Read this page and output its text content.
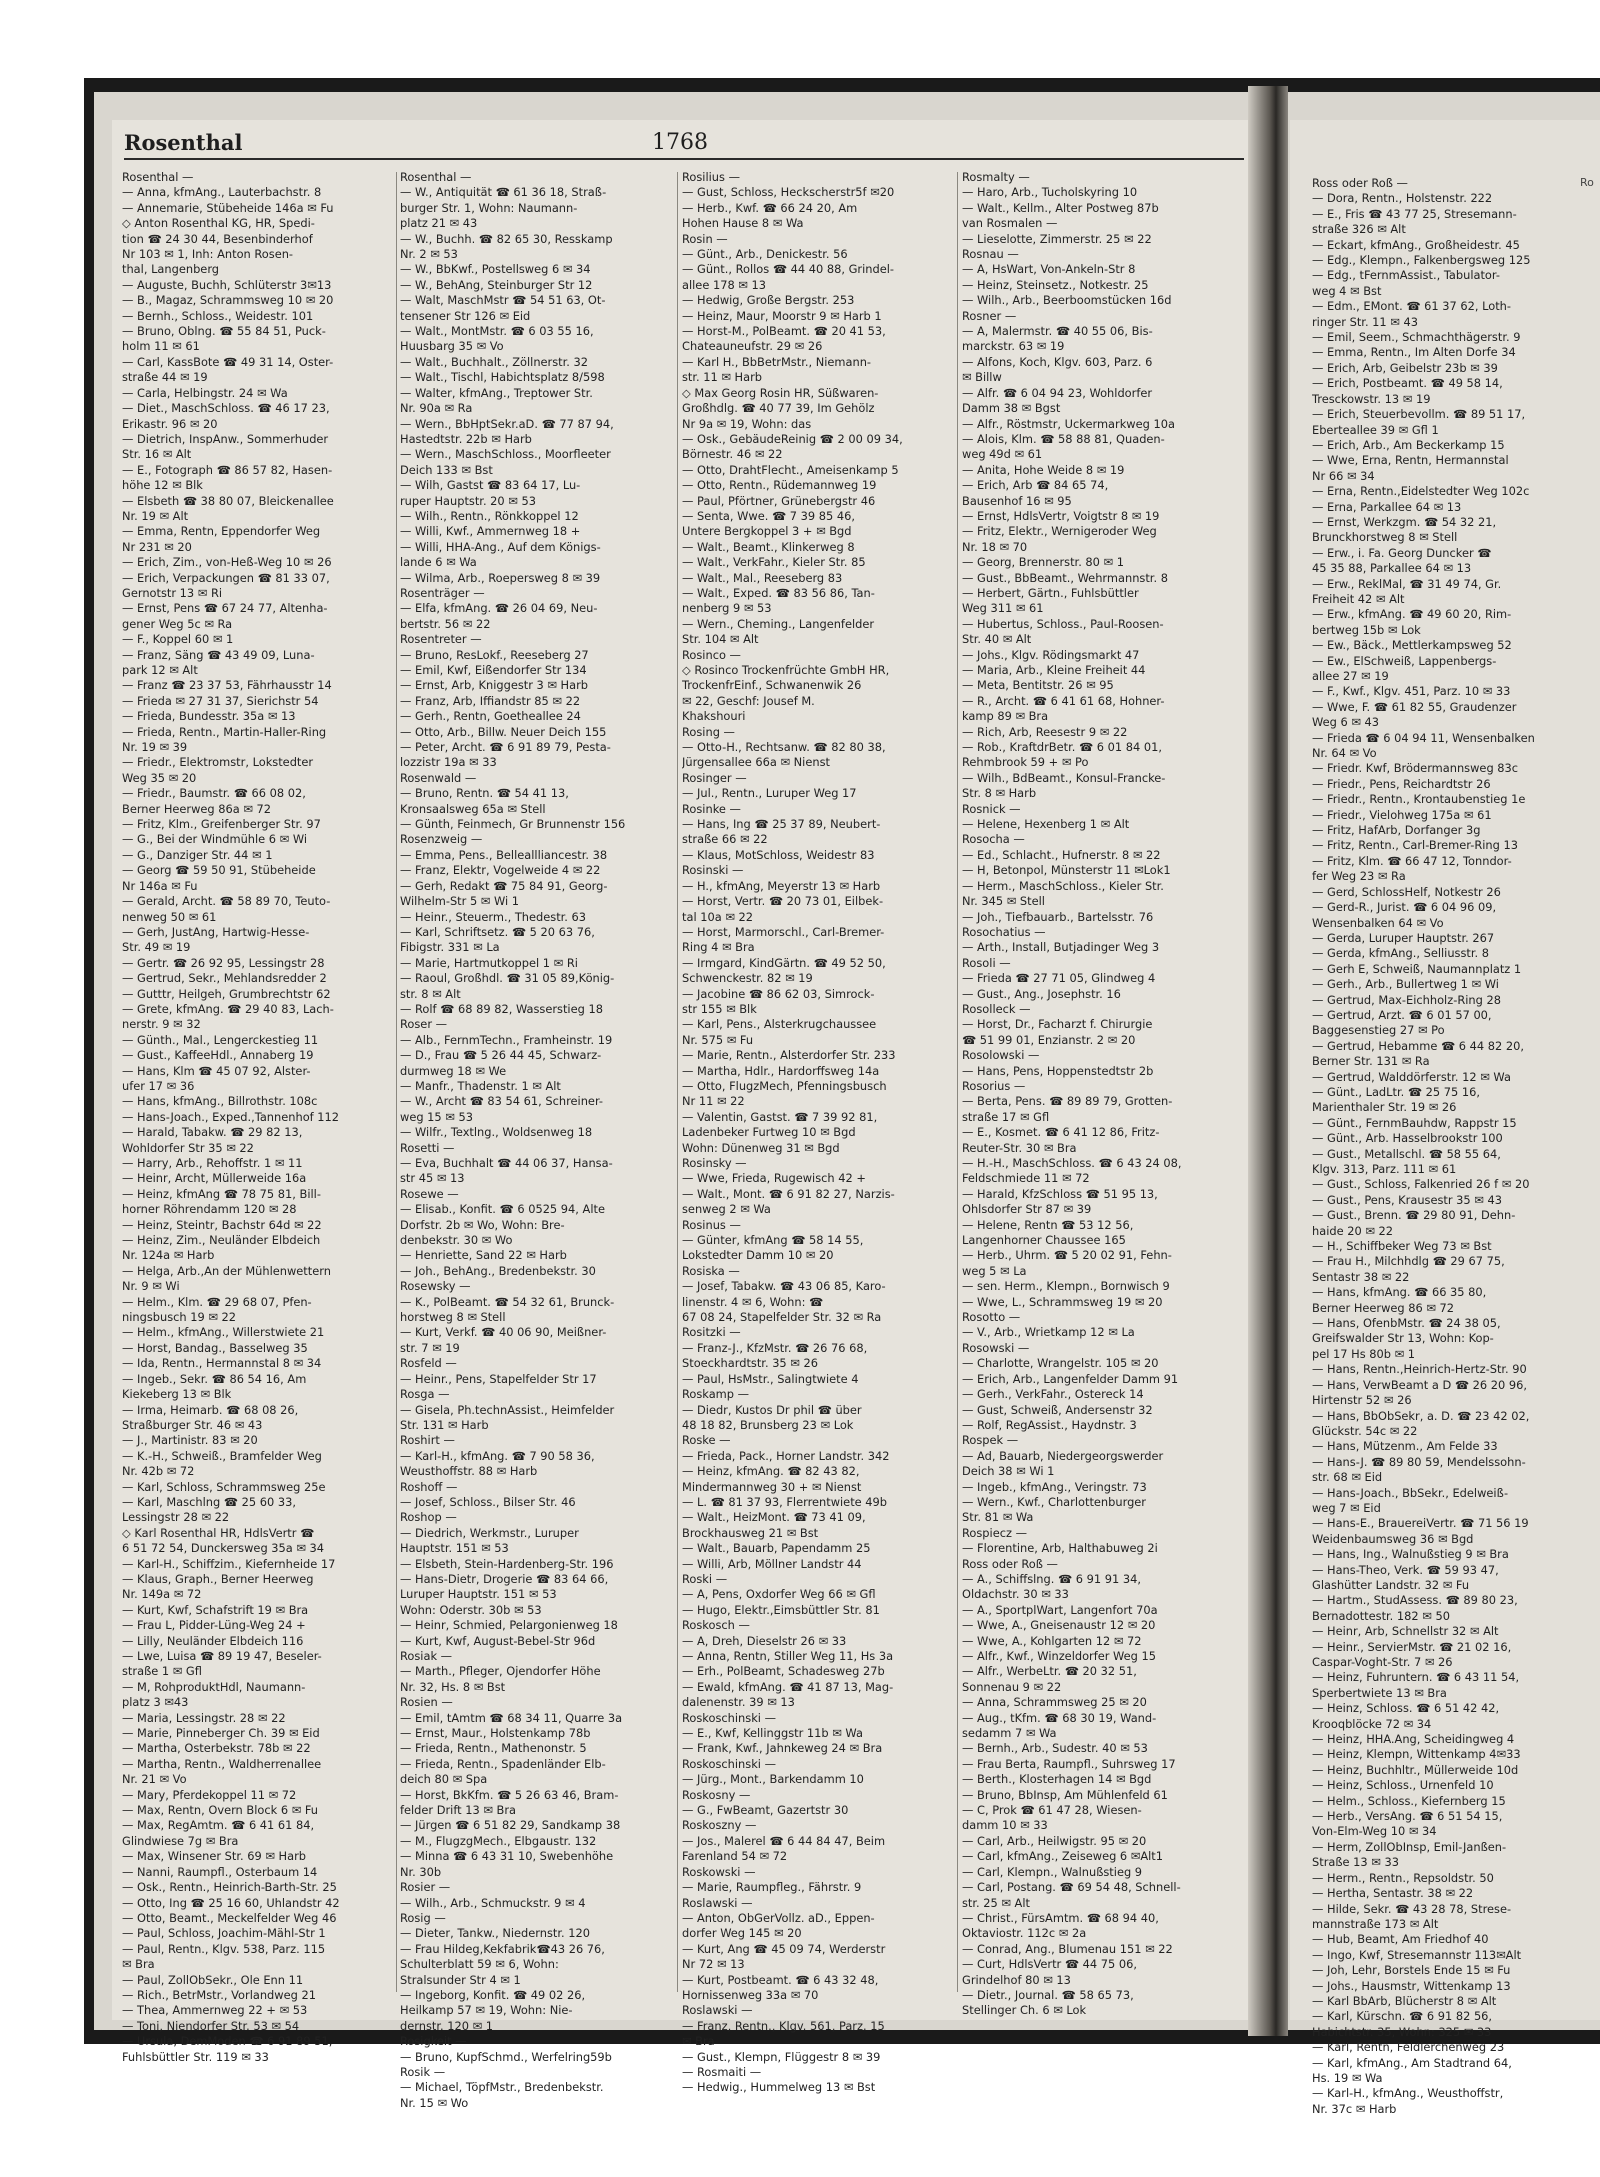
Rosenthal	1768
Rosenthal —
— Anna, kfmAng., Lauterbachstr. 8
— Annemarie, Stübeheide 146a ✉ Fu
◇ Anton Rosenthal KG, HR, Spedi-
tion ☎ 24 30 44, Besenbinderhof
Nr 103 ✉ 1, Inh: Anton Rosen-
thal, Langenberg
— Auguste, Buchh, Schlüterstr 3✉13
— B., Magaz, Schrammsweg 10 ✉ 20
— Bernh., Schloss., Weidestr. 101
— Bruno, Oblng. ☎ 55 84 51, Puck-
holm 11 ✉ 61
— Carl, KassBote ☎ 49 31 14, Oster-
straße 44 ✉ 19
— Carla, Helbingstr. 24 ✉ Wa
— Diet., MaschSchloss. ☎ 46 17 23,
Erikastr. 96 ✉ 20
— Dietrich, InspAnw., Sommerhuder
Str. 16 ✉ Alt
— E., Fotograph ☎ 86 57 82, Hasen-
höhe 12 ✉ Blk
— Elsbeth ☎ 38 80 07, Bleickenallee
Nr. 19 ✉ Alt
— Emma, Rentn, Eppendorfer Weg
Nr 231 ✉ 20
— Erich, Zim., von-Heß-Weg 10 ✉ 26
— Erich, Verpackungen ☎ 81 33 07,
Gernotstr 13 ✉ Ri
— Ernst, Pens ☎ 67 24 77, Altenha-
gener Weg 5c ✉ Ra
— F., Koppel 60 ✉ 1
— Franz, Säng ☎ 43 49 09, Luna-
park 12 ✉ Alt
— Franz ☎ 23 37 53, Fährhausstr 14
— Frieda ✉ 27 31 37, Sierichstr 54
— Frieda, Bundesstr. 35a ✉ 13
— Frieda, Rentn., Martin-Haller-Ring
Nr. 19 ✉ 39
— Friedr., Elektromstr, Lokstedter
Weg 35 ✉ 20
— Friedr., Baumstr. ☎ 66 08 02,
Berner Heerweg 86a ✉ 72
— Fritz, Klm., Greifenberger Str. 97
— G., Bei der Windmühle 6 ✉ Wi
— G., Danziger Str. 44 ✉ 1
— Georg ☎ 59 50 91, Stübeheide
Nr 146a ✉ Fu
— Gerald, Archt. ☎ 58 89 70, Teuto-
nenweg 50 ✉ 61
— Gerh, JustAng, Hartwig-Hesse-
Str. 49 ✉ 19
— Gertr. ☎ 26 92 95, Lessingstr 28
— Gertrud, Sekr., Mehlandsredder 2
— Gutttr, Heilgeh, Grumbrechtstr 62
— Grete, kfmAng. ☎ 29 40 83, Lach-
nerstr. 9 ✉ 32
— Günth., Mal., Lengerckestieg 11
— Gust., KaffeeHdl., Annaberg 19
— Hans, Klm ☎ 45 07 92, Alster-
ufer 17 ✉ 36
— Hans, kfmAng., Billrothstr. 108c
— Hans-Joach., Exped.,Tannenhof 112
— Harald, Tabakw. ☎ 29 82 13,
Wohldorfer Str 35 ✉ 22
— Harry, Arb., Rehoffstr. 1 ✉ 11
— Heinr, Archt, Müllerweide 16a
— Heinz, kfmAng ☎ 78 75 81, Bill-
horner Röhrendamm 120 ✉ 28
— Heinz, Steintr, Bachstr 64d ✉ 22
— Heinz, Zim., Neuländer Elbdeich
Nr. 124a ✉ Harb
— Helga, Arb.,An der Mühlenwettern
Nr. 9 ✉ Wi
— Helm., Klm. ☎ 29 68 07, Pfen-
ningsbusch 19 ✉ 22
— Helm., kfmAng., Willerstwiete 21
— Horst, Bandag., Basselweg 35
— Ida, Rentn., Hermannstal 8 ✉ 34
— Ingeb., Sekr. ☎ 86 54 16, Am
Kiekeberg 13 ✉ Blk
— Irma, Heimarb. ☎ 68 08 26,
Straßburger Str. 46 ✉ 43
— J., Martinistr. 83 ✉ 20
— K.-H., Schweiß., Bramfelder Weg
Nr. 42b ✉ 72
— Karl, Schloss, Schrammsweg 25e
— Karl, Maschlng ☎ 25 60 33,
Lessingstr 28 ✉ 22
◇ Karl Rosenthal HR, HdlsVertr ☎
6 51 72 54, Dunckersweg 35a ✉ 34
— Karl-H., Schiffzim., Kiefernheide 17
— Klaus, Graph., Berner Heerweg
Nr. 149a ✉ 72
— Kurt, Kwf, Schafstrift 19 ✉ Bra
— Frau L, Pidder-Lüng-Weg 24 +
— Lilly, Neuländer Elbdeich 116
— Lwe, Luisa ☎ 89 19 47, Beseler-
straße 1 ✉ Gfl
— M, RohproduktHdl, Naumann-
platz 3 ✉43
— Maria, Lessingstr. 28 ✉ 22
— Marie, Pinneberger Ch. 39 ✉ Eid
— Martha, Osterbekstr. 78b ✉ 22
— Martha, Rentn., Waldherrenallee
Nr. 21 ✉ Vo
— Mary, Pferdekoppel 11 ✉ 72
— Max, Rentn, Overn Block 6 ✉ Fu
— Max, RegAmtm. ☎ 6 41 61 84,
Glindwiese 7g ✉ Bra
— Max, Winsener Str. 69 ✉ Harb
— Nanni, Raumpfl., Osterbaum 14
— Osk., Rentn., Heinrich-Barth-Str. 25
— Otto, Ing ☎ 25 16 60, Uhlandstr 42
— Otto, Beamt., Meckelfelder Weg 46
— Paul, Schloss, Joachim-Mähl-Str 1
— Paul, Rentn., Klgv. 538, Parz. 115
✉ Bra
— Paul, ZollObSekr., Ole Enn 11
— Rich., BetrMstr., Vorlandweg 21
— Thea, Ammernweg 22 + ✉ 53
— Toni, Niendorfer Str. 53 ✉ 54
— Ursula, DemModen ☎ 6 91 89 51,
Fuhlsbüttler Str. 119 ✉ 33
Rosenthal —
— W., Antiquität ☎ 61 36 18, Straß-
burger Str. 1, Wohn: Naumann-
platz 21 ✉ 43
— W., Buchh. ☎ 82 65 30, Resskamp
Nr. 2 ✉ 53
— W., BbKwf., Postellsweg 6 ✉ 34
— W., BehAng, Steinburger Str 12
— Walt, MaschMstr ☎ 54 51 63, Ot-
tensener Str 126 ✉ Eid
— Walt., MontMstr. ☎ 6 03 55 16,
Huusbarg 35 ✉ Vo
— Walt., Buchhalt., Zöllnerstr. 32
— Walt., Tischl, Habichtsplatz 8/598
— Walter, kfmAng., Treptower Str.
Nr. 90a ✉ Ra
— Wern., BbHptSekr.aD. ☎ 77 87 94,
Hastedtstr. 22b ✉ Harb
— Wern., MaschSchloss., Moorfleeter
Deich 133 ✉ Bst
— Wilh, Gastst ☎ 83 64 17, Lu-
ruper Hauptstr. 20 ✉ 53
— Wilh., Rentn., Rönkkoppel 12
— Willi, Kwf., Ammernweg 18 +
— Willi, HHA-Ang., Auf dem Königs-
lande 6 ✉ Wa
— Wilma, Arb., Roepersweg 8 ✉ 39
Rosenträger —
— Elfa, kfmAng. ☎ 26 04 69, Neu-
bertstr. 56 ✉ 22
Rosentreter —
— Bruno, ResLokf., Reeseberg 27
— Emil, Kwf, Eißendorfer Str 134
— Ernst, Arb, Kniggestr 3 ✉ Harb
— Franz, Arb, Iffiandstr 85 ✉ 22
— Gerh., Rentn, Goetheallee 24
— Otto, Arb., Billw. Neuer Deich 155
— Peter, Archt. ☎ 6 91 89 79, Pesta-
lozzistr 19a ✉ 33
Rosenwald —
— Bruno, Rentn. ☎ 54 41 13,
Kronsaalsweg 65a ✉ Stell
— Günth, Feinmech, Gr Brunnenstr 156
Rosenzweig —
— Emma, Pens., Belleallliancestr. 38
— Franz, Elektr, Vogelweide 4 ✉ 22
— Gerh, Redakt ☎ 75 84 91, Georg-
Wilhelm-Str 5 ✉ Wi 1
— Heinr., Steuerm., Thedestr. 63
— Karl, Schriftsetz. ☎ 5 20 63 76,
Fibigstr. 331 ✉ La
— Marie, Hartmutkoppel 1 ✉ Ri
— Raoul, Großhdl. ☎ 31 05 89,König-
str. 8 ✉ Alt
— Rolf ☎ 68 89 82, Wasserstieg 18
Roser —
— Alb., FernmTechn., Framheinstr. 19
— D., Frau ☎ 5 26 44 45, Schwarz-
durmweg 18 ✉ We
— Manfr., Thadenstr. 1 ✉ Alt
— W., Archt ☎ 83 54 61, Schreiner-
weg 15 ✉ 53
— Wilfr., Textlng., Woldsenweg 18
Rosetti —
— Eva, Buchhalt ☎ 44 06 37, Hansa-
str 45 ✉ 13
Rosewe —
— Elisab., Konfit. ☎ 6 0525 94, Alte
Dorfstr. 2b ✉ Wo, Wohn: Bre-
denbekstr. 30 ✉ Wo
— Henriette, Sand 22 ✉ Harb
— Joh., BehAng., Bredenbekstr. 30
Rosewsky —
— K., PolBeamt. ☎ 54 32 61, Brunck-
horstweg 8 ✉ Stell
— Kurt, Verkf. ☎ 40 06 90, Meißner-
str. 7 ✉ 19
Rosfeld —
— Heinr., Pens, Stapelfelder Str 17
Rosga —
— Gisela, Ph.technAssist., Heimfelder
Str. 131 ✉ Harb
Roshirt —
— Karl-H., kfmAng. ☎ 7 90 58 36,
Weusthoffstr. 88 ✉ Harb
Roshoff —
— Josef, Schloss., Bilser Str. 46
Roshop —
— Diedrich, Werkmstr., Luruper
Hauptstr. 151 ✉ 53
— Elsbeth, Stein-Hardenberg-Str. 196
— Hans-Dietr, Drogerie ☎ 83 64 66,
Luruper Hauptstr. 151 ✉ 53
Wohn: Oderstr. 30b ✉ 53
— Heinr, Schmied, Pelargonienweg 18
— Kurt, Kwf, August-Bebel-Str 96d
Rosiak —
— Marth., Pfleger, Ojendorfer Höhe
Nr. 32, Hs. 8 ✉ Bst
Rosien —
— Emil, tAmtm ☎ 68 34 11, Quarre 3a
— Ernst, Maur., Holstenkamp 78b
— Frieda, Rentn., Mathenonstr. 5
— Frieda, Rentn., Spadenländer Elb-
deich 80 ✉ Spa
— Horst, BkKfm. ☎ 5 26 63 46, Bram-
felder Drift 13 ✉ Bra
— Jürgen ☎ 6 51 82 29, Sandkamp 38
— M., FlugzgMech., Elbgaustr. 132
— Minna ☎ 6 43 31 10, Swebenhöhe
Nr. 30b
Rosier —
— Wilh., Arb., Schmuckstr. 9 ✉ 4
Rosig —
— Dieter, Tankw., Niedernstr. 120
— Frau Hildeg,Kekfabrik☎43 26 76,
Schulterblatt 59 ✉ 6, Wohn:
Stralsunder Str 4 ✉ 1
— Ingeborg, Konfit. ☎ 49 02 26,
Heilkamp 57 ✉ 19, Wohn: Nie-
dernstr. 120 ✉ 1
Rosigkeit —
— Bruno, KupfSchmd., Werfelring59b
Rosik —
— Michael, TöpfMstr., Bredenbekstr.
Nr. 15 ✉ Wo
Rosilius —
— Gust, Schloss, Heckscherstr5f ✉20
— Herb., Kwf. ☎ 66 24 20, Am
Hohen Hause 8 ✉ Wa
Rosin —
— Günt., Arb., Denickestr. 56
— Günt., Rollos ☎ 44 40 88, Grindel-
allee 178 ✉ 13
— Hedwig, Große Bergstr. 253
— Heinz, Maur, Moorstr 9 ✉ Harb 1
— Horst-M., PolBeamt. ☎ 20 41 53,
Chateaunеufstr. 29 ✉ 26
— Karl H., BbBetrMstr., Niemann-
str. 11 ✉ Harb
◇ Max Georg Rosin HR, Süßwaren-
Großhdlg. ☎ 40 77 39, Im Gehölz
Nr 9a ✉ 19, Wohn: das
— Osk., GebäudeReinig ☎ 2 00 09 34,
Börnestr. 46 ✉ 22
— Otto, DrahtFlecht., Ameisenkamp 5
— Otto, Rentn., Rüdemannweg 19
— Paul, Pförtner, Grünebergstr 46
— Senta, Wwe. ☎ 7 39 85 46,
Untere Bergkoppel 3 + ✉ Bgd
— Walt., Beamt., Klinkerweg 8
— Walt., VerkFahr., Kieler Str. 85
— Walt., Mal., Reeseberg 83
— Walt., Exped. ☎ 83 56 86, Tan-
nenberg 9 ✉ 53
— Wern., Cheming., Langenfelder
Str. 104 ✉ Alt
Rosinco —
◇ Rosinco Trockenfrüchte GmbH HR,
TrockenfrEinf., Schwanenwik 26
✉ 22, Geschf: Jousef M.
Khakshouri
Rosing —
— Otto-H., Rechtsanw. ☎ 82 80 38,
Jürgensallee 66a ✉ Nienst
Rosinger —
— Jul., Rentn., Luruper Weg 17
Rosinke —
— Hans, Ing ☎ 25 37 89, Neubert-
straße 66 ✉ 22
— Klaus, MotSchloss, Weidestr 83
Rosinski —
— H., kfmAng, Meyerstr 13 ✉ Harb
— Horst, Vertr. ☎ 20 73 01, Eilbek-
tal 10a ✉ 22
— Horst, Marmorschl., Carl-Bremer-
Ring 4 ✉ Bra
— Irmgard, KindGärtn. ☎ 49 52 50,
Schwenckestr. 82 ✉ 19
— Jacobine ☎ 86 62 03, Simrock-
str 155 ✉ Blk
— Karl, Pens., Alsterkrugchaussee
Nr. 575 ✉ Fu
— Marie, Rentn., Alsterdorfer Str. 233
— Martha, Hdlr., Hardorffsweg 14a
— Otto, FlugzMech, Pfenningsbusch
Nr 11 ✉ 22
— Valentin, Gastst. ☎ 7 39 92 81,
Ladenbeker Furtweg 10 ✉ Bgd
Wohn: Dünenweg 31 ✉ Bgd
Rosinsky —
— Wwe, Frieda, Rugewisch 42 +
— Walt., Mont. ☎ 6 91 82 27, Narzis-
senweg 2 ✉ Wa
Rosinus —
— Günter, kfmAng ☎ 58 14 55,
Lokstedter Damm 10 ✉ 20
Rosiska —
— Josef, Tabakw. ☎ 43 06 85, Karo-
linenstr. 4 ✉ 6, Wohn: ☎
67 08 24, Stapelfelder Str. 32 ✉ Ra
Rositzki —
— Franz-J., KfzMstr. ☎ 26 76 68,
Stoeckhardtstr. 35 ✉ 26
— Paul, HsMstr., Salingtwiete 4
Roskamp —
— Diedr, Kustos Dr phil ☎ über
48 18 82, Brunsberg 23 ✉ Lok
Roske —
— Frieda, Pack., Horner Landstr. 342
— Heinz, kfmAng. ☎ 82 43 82,
Mindermannweg 30 + ✉ Nienst
— L. ☎ 81 37 93, Flerrentwiete 49b
— Walt., HeizMont. ☎ 73 41 09,
Brockhausweg 21 ✉ Bst
— Walt., Bauarb, Papendamm 25
— Willi, Arb, Möllner Landstr 44
Roski —
— A, Pens, Oxdorfer Weg 66 ✉ Gfl
— Hugo, Elektr.,Eimsbüttler Str. 81
Roskosch —
— A, Dreh, Dieselstr 26 ✉ 33
— Anna, Rentn, Stiller Weg 11, Hs 3a
— Erh., PolBeamt, Schadesweg 27b
— Ewald, kfmAng. ☎ 41 87 13, Mag-
dalenenstr. 39 ✉ 13
Roskoschinski —
— E., Kwf, Kellinggstr 11b ✉ Wa
— Frank, Kwf., Jahnkeweg 24 ✉ Bra
Roskoschinski —
— Jürg., Mont., Barkendamm 10
Roskosny —
— G., FwBeamt, Gazertstr 30
Roskoszny —
— Jos., Malerel ☎ 6 44 84 47, Beim
Farenland 54 ✉ 72
Roskowski —
— Marie, Raumpfleg., Fährstr. 9
Roslawski —
— Anton, ObGerVollz. aD., Eppen-
dorfer Weg 145 ✉ 20
— Kurt, Ang ☎ 45 09 74, Werderstr
Nr 72 ✉ 13
— Kurt, Postbeamt. ☎ 6 43 32 48,
Hornissenweg 33a ✉ 70
Roslawski —
— Franz, Rentn., Klgv. 561, Parz. 15
✉ Bra
— Gust., Klempn, Flüggestr 8 ✉ 39
— Rosmaiti —
— Hedwig., Hummelweg 13 ✉ Bst
Rosmalty —
— Haro, Arb., Tucholskyring 10
— Walt., Kellm., Alter Postweg 87b
van Rosmalen —
— Lieselotte, Zimmerstr. 25 ✉ 22
Rosnau —
— A, HsWart, Von-Ankeln-Str 8
— Heinz, Steinsetz., Notkestr. 25
— Wilh., Arb., Beerboomstücken 16d
Rosner —
— A, Malermstr. ☎ 40 55 06, Bis-
marckstr. 63 ✉ 19
— Alfons, Koch, Klgv. 603, Parz. 6
✉ Billw
— Alfr. ☎ 6 04 94 23, Wohldorfer
Damm 38 ✉ Bgst
— Alfr., Röstmstr, Uckermarkweg 10a
— Alois, Klm. ☎ 58 88 81, Quaden-
weg 49d ✉ 61
— Anita, Hohe Weide 8 ✉ 19
— Erich, Arb ☎ 84 65 74,
Bausenhof 16 ✉ 95
— Ernst, HdlsVertr, Voigtstr 8 ✉ 19
— Fritz, Elektr., Wernigeroder Weg
Nr. 18 ✉ 70
— Georg, Brennerstr. 80 ✉ 1
— Gust., BbBeamt., Wehrmannstr. 8
— Herbert, Gärtn., Fuhlsbüttler
Weg 311 ✉ 61
— Hubertus, Schloss., Paul-Roosen-
Str. 40 ✉ Alt
— Johs., Klgv. Rödingsmarkt 47
— Maria, Arb., Kleine Freiheit 44
— Meta, Bentitstr. 26 ✉ 95
— R., Archt. ☎ 6 41 61 68, Hohner-
kamp 89 ✉ Bra
— Rich, Arb, Reesestr 9 ✉ 22
— Rob., KraftdrBetr. ☎ 6 01 84 01,
Rehmbrook 59 + ✉ Po
— Wilh., BdBeamt., Konsul-Francke-
Str. 8 ✉ Harb
Rosnick —
— Helene, Hexenberg 1 ✉ Alt
Rosocha —
— Ed., Schlacht., Hufnerstr. 8 ✉ 22
— H, Betonpol, Münsterstr 11 ✉Lok1
— Herm., MaschSchloss., Kieler Str.
Nr. 345 ✉ Stell
— Joh., Tiefbauarb., Bartelsstr. 76
Rosochatius —
— Arth., Install, Butjadinger Weg 3
Rosoli —
— Frieda ☎ 27 71 05, Glindweg 4
— Gust., Ang., Josephstr. 16
Rosolleck —
— Horst, Dr., Facharzt f. Chirurgie
☎ 51 99 01, Enzianstr. 2 ✉ 20
Rosolowski —
— Hans, Pens, Hoppenstedtstr 2b
Rosorius —
— Berta, Pens. ☎ 89 89 79, Grotten-
straße 17 ✉ Gfl
— E., Kosmet. ☎ 6 41 12 86, Fritz-
Reuter-Str. 30 ✉ Bra
— H.-H., MaschSchloss. ☎ 6 43 24 08,
Feldschmiede 11 ✉ 72
— Harald, KfzSchloss ☎ 51 95 13,
Ohlsdorfer Str 87 ✉ 39
— Helene, Rentn ☎ 53 12 56,
Langenhorner Chaussee 165
— Herb., Uhrm. ☎ 5 20 02 91, Fehn-
weg 5 ✉ La
— sen. Herm., Klempn., Bornwisch 9
— Wwe, L., Schrammsweg 19 ✉ 20
Rosotto —
— V., Arb., Wrietkamp 12 ✉ La
Rosowski —
— Charlotte, Wrangelstr. 105 ✉ 20
— Erich, Arb., Langenfelder Damm 91
— Gerh., VerkFahr., Ostereck 14
— Gust, Schweiß, Andersenstr 32
— Rolf, RegAssist., Haydnstr. 3
Rospek —
— Ad, Bauarb, Niedergeorgswerder
Deich 38 ✉ Wi 1
— Ingeb., kfmAng., Veringstr. 73
— Wern., Kwf., Charlottenburger
Str. 81 ✉ Wa
Rospiecz —
— Florentine, Arb, Halthabuweg 2i
Ross oder Roß —
— A., Schiffslng. ☎ 6 91 91 34,
Oldachstr. 30 ✉ 33
— A., SportplWart, Langenfort 70a
— Wwe, A., Gneisenaustr 12 ✉ 20
— Wwe, A., Kohlgarten 12 ✉ 72
— Alfr., Kwf., Winzeldorfer Weg 15
— Alfr., WerbeLtr. ☎ 20 32 51,
Sonnenau 9 ✉ 22
— Anna, Schrammsweg 25 ✉ 20
— Aug., tKfm. ☎ 68 30 19, Wand-
sedamm 7 ✉ Wa
— Bernh., Arb., Sudestr. 40 ✉ 53
— Frau Berta, Raumpfl., Suhrsweg 17
— Berth., Klosterhagen 14 ✉ Bgd
— Bruno, BbInsp, Am Mühlenfeld 61
— C, Prok ☎ 61 47 28, Wiesen-
damm 10 ✉ 33
— Carl, Arb., Heilwigstr. 95 ✉ 20
— Carl, kfmAng., Zeiseweg 6 ✉Alt1
— Carl, Klempn., Walnußstieg 9
— Carl, Postang. ☎ 69 54 48, Schnell-
str. 25 ✉ Alt
— Christ., FürsAmtm. ☎ 68 94 40,
Oktaviostr. 112c ✉ 2a
— Conrad, Ang., Blumenau 151 ✉ 22
— Curt, HdlsVertr ☎ 44 75 06,
Grindelhof 80 ✉ 13
— Dietr., Journal. ☎ 58 65 73,
Stellinger Ch. 6 ✉ Lok
Ross oder Roß —
— Dora, Rentn., Holstenstr. 222
— E., Fris ☎ 43 77 25, Stresemann-
straße 326 ✉ Alt
— Eckart, kfmAng., Großheidestr. 45
— Edg., Klempn., Falkenbergsweg 125
— Edg., tFernmAssist., Tabulator-
weg 4 ✉ Bst
— Edm., EMont. ☎ 61 37 62, Loth-
ringer Str. 11 ✉ 43
— Emil, Seem., Schmachthägerstr. 9
— Emma, Rentn., Im Alten Dorfe 34
— Erich, Arb, Geibelstr 23b ✉ 39
— Erich, Postbeamt. ☎ 49 58 14,
Tresckowstr. 13 ✉ 19
— Erich, Steuerbevollm. ☎ 89 51 17,
Eberteallee 39 ✉ Gfl 1
— Erich, Arb., Am Beckerkamp 15
— Wwe, Erna, Rentn, Hermannstal
Nr 66 ✉ 34
— Erna, Rentn.,Eidelstedter Weg 102c
— Erna, Parkallee 64 ✉ 13
— Ernst, Werkzgm. ☎ 54 32 21,
Brunckhorstweg 8 ✉ Stell
— Erw., i. Fa. Georg Duncker ☎
45 35 88, Parkallee 64 ✉ 13
— Erw., ReklMal, ☎ 31 49 74, Gr.
Freiheit 42 ✉ Alt
— Erw., kfmAng. ☎ 49 60 20, Rim-
bertweg 15b ✉ Lok
— Ew., Bäck., Mettlerkampsweg 52
— Ew., ElSchweiß, Lappenbergs-
allee 27 ✉ 19
— F., Kwf., Klgv. 451, Parz. 10 ✉ 33
— Wwe, F. ☎ 61 82 55, Graudenzer
Weg 6 ✉ 43
— Frieda ☎ 6 04 94 11, Wensenbalken
Nr. 64 ✉ Vo
— Friedr. Kwf, Brödermannsweg 83c
— Friedr., Pens, Reichardtstr 26
— Friedr., Rentn., Krontaubenstieg 1e
— Friedr., Vielohweg 175a ✉ 61
— Fritz, HafArb, Dorfanger 3g
— Fritz, Rentn., Carl-Bremer-Ring 13
— Fritz, Klm. ☎ 66 47 12, Tonndor-
fer Weg 23 ✉ Ra
— Gerd, SchlossHelf, Notkestr 26
— Gerd-R., Jurist. ☎ 6 04 96 09,
Wensenbalken 64 ✉ Vo
— Gerda, Luruper Hauptstr. 267
— Gerda, kfmAng., Selliusstr. 8
— Gerh E, Schweiß, Naumannplatz 1
— Gerh., Arb., Bullertweg 1 ✉ Wi
— Gertrud, Max-Eichholz-Ring 28
— Gertrud, Arzt. ☎ 6 01 57 00,
Baggesenstieg 27 ✉ Po
— Gertrud, Hebamme ☎ 6 44 82 20,
Berner Str. 131 ✉ Ra
— Gertrud, Walddörferstr. 12 ✉ Wa
— Günt., LadLtr. ☎ 25 75 16,
Marienthaler Str. 19 ✉ 26
— Günt., FernmBauhdw, Rappstr 15
— Günt., Arb. Hasselbrookstr 100
— Gust., Metallschl. ☎ 58 55 64,
Klgv. 313, Parz. 111 ✉ 61
— Gust., Schloss, Falkenried 26 f ✉ 20
— Gust., Pens, Krausestr 35 ✉ 43
— Gust., Brenn. ☎ 29 80 91, Dehn-
haide 20 ✉ 22
— H., Schiffbeker Weg 73 ✉ Bst
— Frau H., Milchhdlg ☎ 29 67 75,
Sentastr 38 ✉ 22
— Hans, kfmAng. ☎ 66 35 80,
Berner Heerweg 86 ✉ 72
— Hans, OfenbMstr. ☎ 24 38 05,
Greifswalder Str 13, Wohn: Kop-
pel 17 Hs 80b ✉ 1
— Hans, Rentn.,Heinrich-Hertz-Str. 90
— Hans, VerwBeamt a D ☎ 26 20 96,
Hirtenstr 52 ✉ 26
— Hans, BbObSekr, a. D. ☎ 23 42 02,
Glückstr. 54c ✉ 22
— Hans, Mützenm., Am Felde 33
— Hans-J. ☎ 89 80 59, Mendelssohn-
str. 68 ✉ Eid
— Hans-Joach., BbSekr., Edelweiß-
weg 7 ✉ Eid
— Hans-E., BrauereiVertr. ☎ 71 56 19
Weidenbaumsweg 36 ✉ Bgd
— Hans, Ing., Walnußstieg 9 ✉ Bra
— Hans-Theo, Verk. ☎ 59 93 47,
Glashütter Landstr. 32 ✉ Fu
— Hartm., StudAssess. ☎ 89 80 23,
Bernadottestr. 182 ✉ 50
— Heinr, Arb, Schnellstr 32 ✉ Alt
— Heinr., ServierMstr. ☎ 21 02 16,
Caspar-Voght-Str. 7 ✉ 26
— Heinz, Fuhruntern. ☎ 6 43 11 54,
Sperbertwiete 13 ✉ Bra
— Heinz, Schloss. ☎ 6 51 42 42,
Krooqblöcke 72 ✉ 34
— Heinz, HHA.Ang, Scheidingweg 4
— Heinz, Klempn, Wittenkamp 4✉33
— Heinz, Buchhltr., Müllerweide 10d
— Heinz, Schloss., Urnenfeld 10
— Helm., Schloss., Kiefernberg 15
— Herb., VersAng. ☎ 6 51 54 15,
Von-Elm-Weg 10 ✉ 34
— Herm, ZollObInsp, Emil-Janßen-
Straße 13 ✉ 33
— Herm., Rentn., Repsoldstr. 50
— Hertha, Sentastr. 38 ✉ 22
— Hilde, Sekr. ☎ 43 28 78, Strese-
mannstraße 173 ✉ Alt
— Hub, Beamt, Am Friedhof 40
— Ingo, Kwf, Stresemannstr 113✉Alt
— Joh, Lehr, Borstels Ende 15 ✉ Fu
— Johs., Hausmstr, Wittenkamp 13
— Karl BbArb, Blücherstr 8 ✉ Alt
— Karl, Kürschn. ☎ 6 91 82 56,
Habichtstr. 35, Wohn: 325 ✉ 33
— Karl, Rentn, Feldlerchenweg 23
— Karl, kfmAng., Am Stadtrand 64,
Hs. 19 ✉ Wa
— Karl-H., kfmAng., Weusthoffstr,
Nr. 37c ✉ Harb
Ro
